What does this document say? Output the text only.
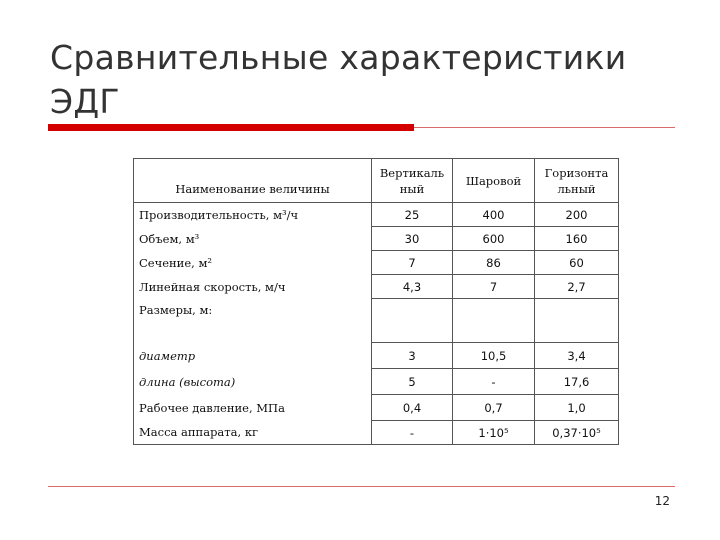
Сравнительные характеристики
ЭДГ
Наименование величины	Вертикаль ный	Шаровой	Горизонта льный
Производительность, м³/ч	25	400	200
Объем, м³	30	600	160
Сечение, м²	7	86	60
Линейная скорость, м/ч	4,3	7	2,7
Размеры, м:			
диаметр	3	10,5	3,4
длина (высота)	5	-	17,6
Рабочее давление, МПа	0,4	0,7	1,0
Масса аппарата, кг	-	1·10⁵	0,37·10⁵
12
